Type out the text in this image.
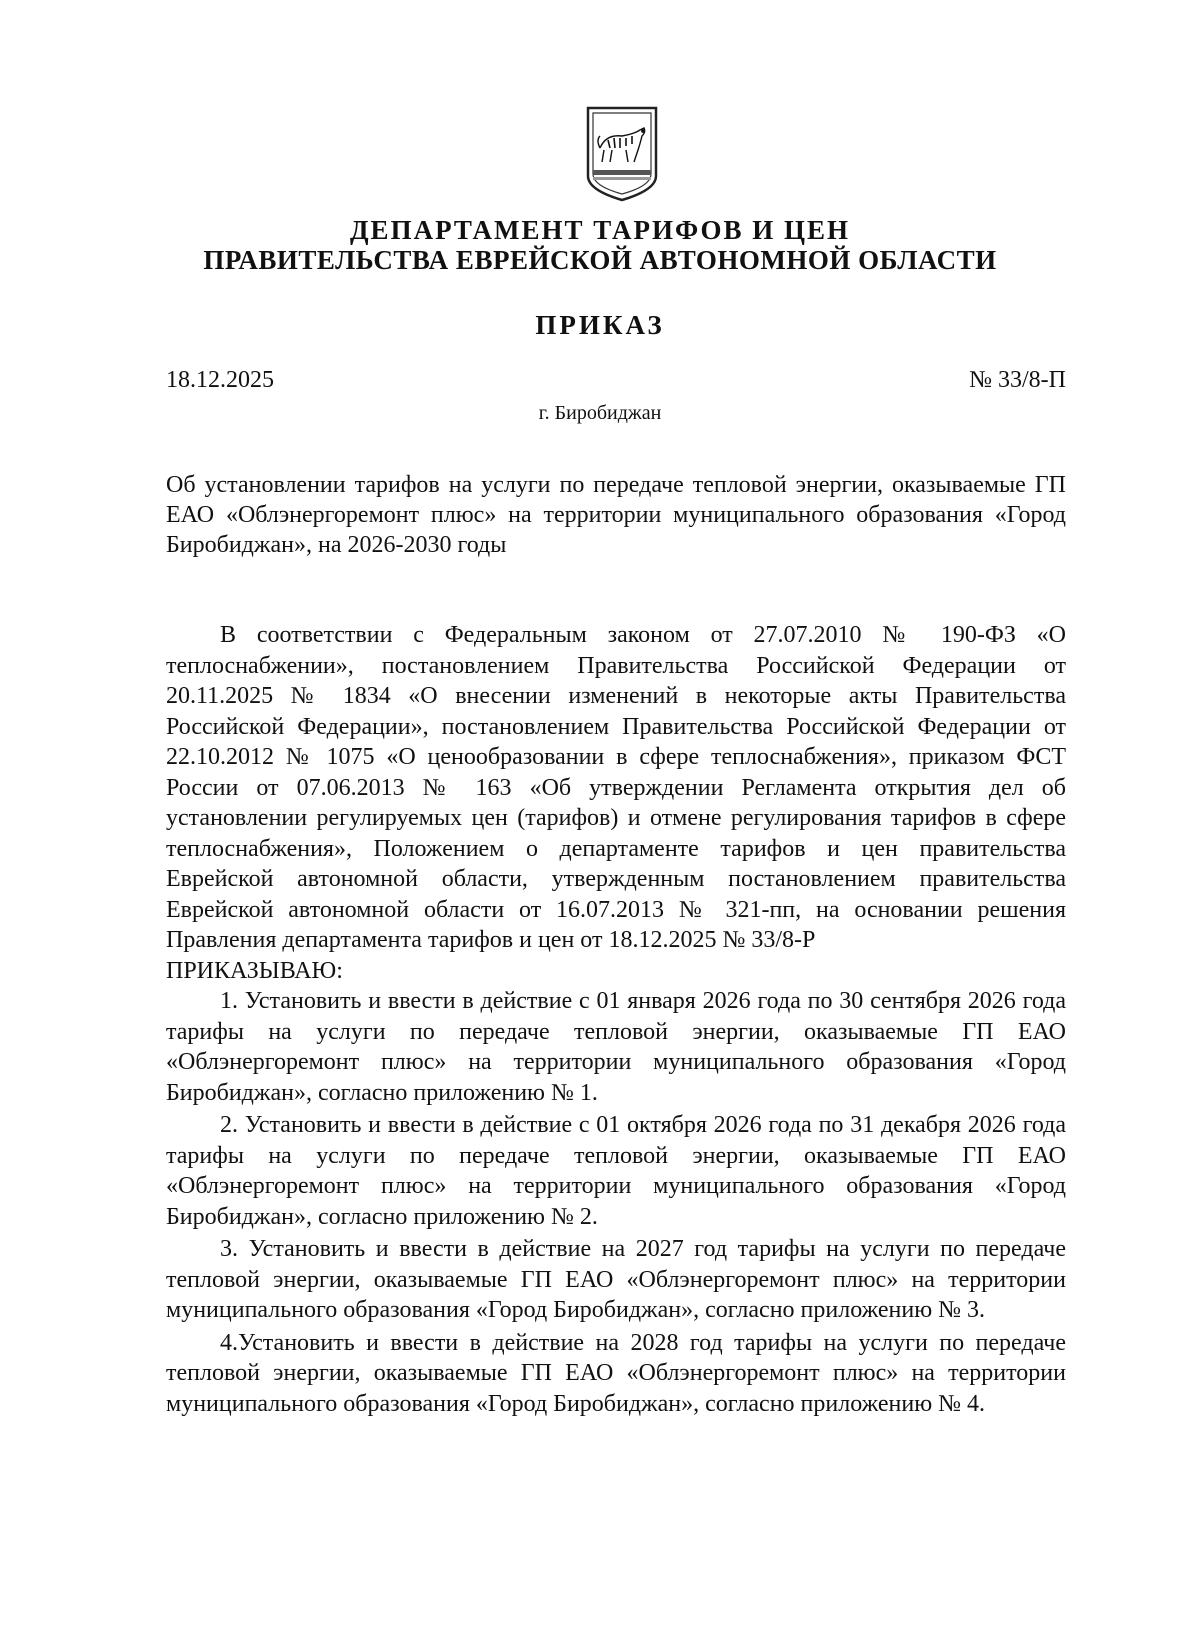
ДЕПАРТАМЕНТ ТАРИФОВ И ЦЕН
ПРАВИТЕЛЬСТВА ЕВРЕЙСКОЙ АВТОНОМНОЙ ОБЛАСТИ
ПРИКАЗ
18.12.2025	№ 33/8-П
г. Биробиджан
Об установлении тарифов на услуги по передаче тепловой энергии, оказываемые ГП ЕАО «Облэнергоремонт плюс» на территории муниципального образования «Город Биробиджан», на 2026-2030 годы

В соответствии с Федеральным законом от 27.07.2010 № 190-ФЗ «О теплоснабжении», постановлением Правительства Российской Федерации от 20.11.2025 № 1834 «О внесении изменений в некоторые акты Правительства Российской Федерации», постановлением Правительства Российской Федерации от 22.10.2012 № 1075 «О ценообразовании в сфере теплоснабжения», приказом ФСТ России от 07.06.2013 № 163 «Об утверждении Регламента открытия дел об установлении регулируемых цен (тарифов) и отмене регулирования тарифов в сфере теплоснабжения», Положением о департаменте тарифов и цен правительства Еврейской автономной области, утвержденным постановлением правительства Еврейской автономной области от 16.07.2013 № 321-пп, на основании решения Правления департамента тарифов и цен от 18.12.2025 № 33/8-Р

ПРИКАЗЫВАЮ:

1. Установить и ввести в действие с 01 января 2026 года по 30 сентября 2026 года тарифы на услуги по передаче тепловой энергии, оказываемые ГП ЕАО «Облэнергоремонт плюс» на территории муниципального образования «Город Биробиджан», согласно приложению № 1.

2. Установить и ввести в действие с 01 октября 2026 года по 31 декабря 2026 года тарифы на услуги по передаче тепловой энергии, оказываемые ГП ЕАО «Облэнергоремонт плюс» на территории муниципального образования «Город Биробиджан», согласно приложению № 2.

3. Установить и ввести в действие на 2027 год тарифы на услуги по передаче тепловой энергии, оказываемые ГП ЕАО «Облэнергоремонт плюс» на территории муниципального образования «Город Биробиджан», согласно приложению № 3.

4.Установить и ввести в действие на 2028 год тарифы на услуги по передаче тепловой энергии, оказываемые ГП ЕАО «Облэнергоремонт плюс» на территории муниципального образования «Город Биробиджан», согласно приложению № 4.
